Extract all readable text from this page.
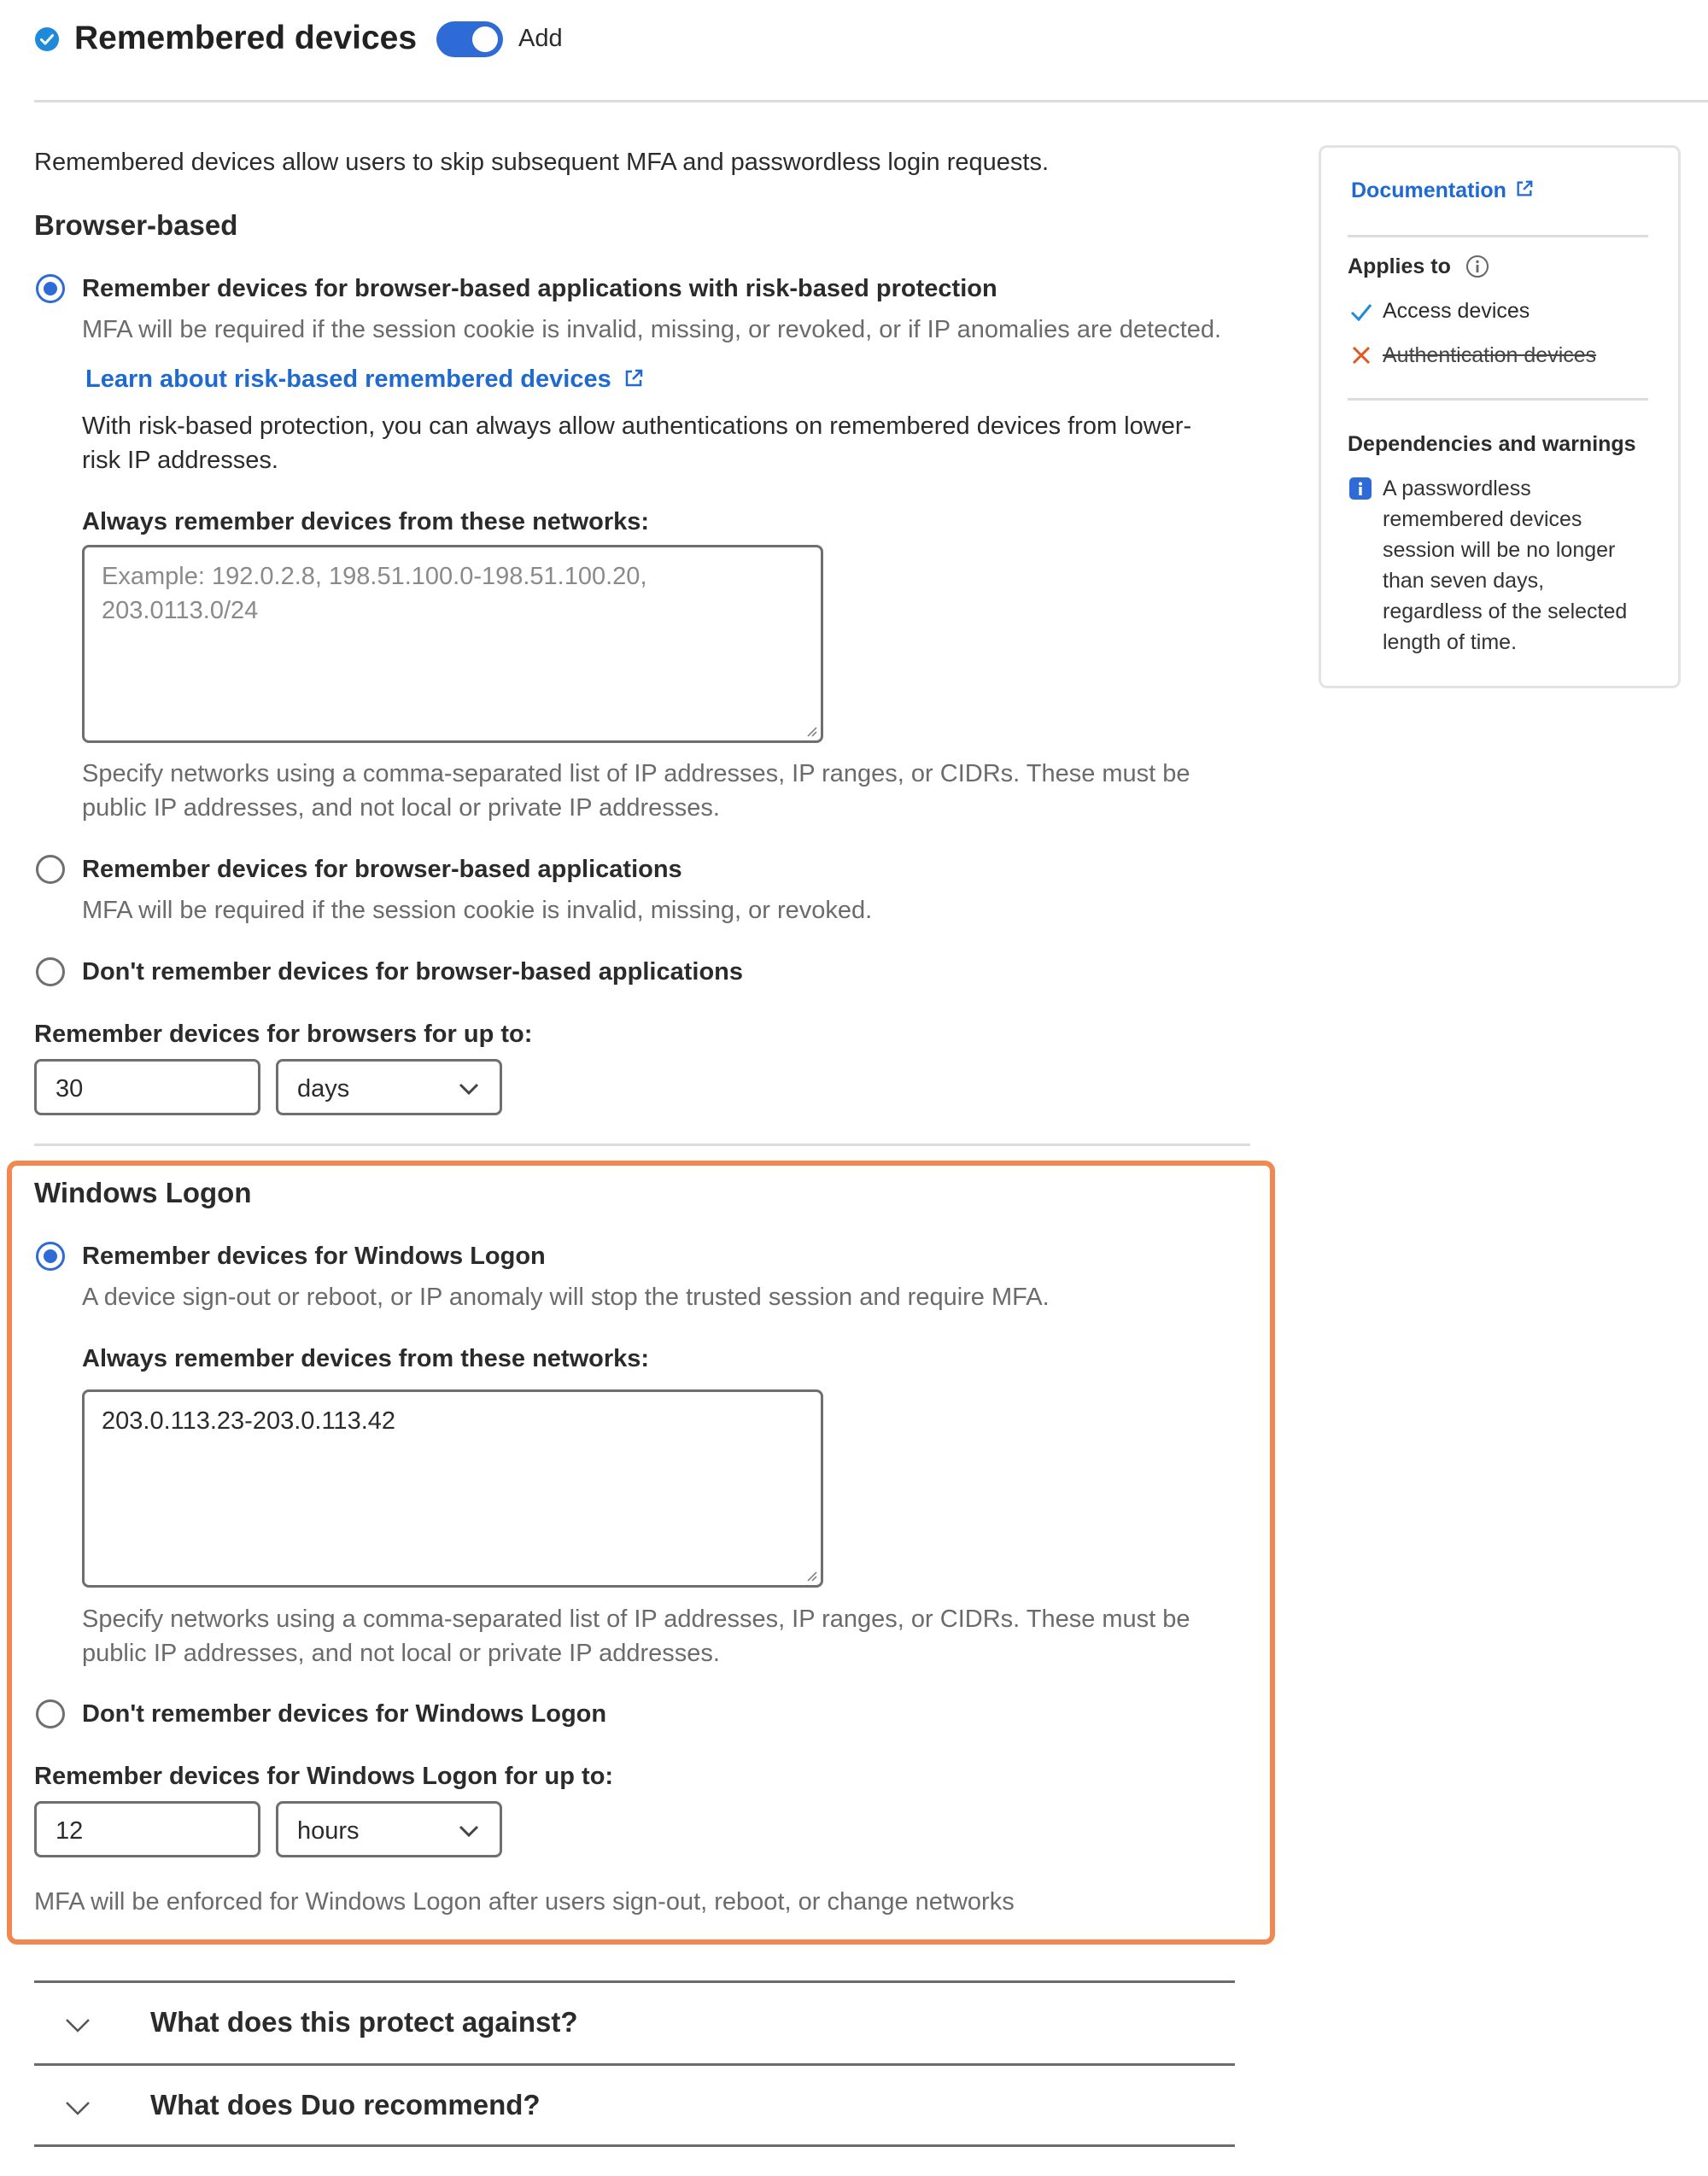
Remembered devices	Add
Remembered devices allow users to skip subsequent MFA and passwordless login requests.
Browser-based
Remember devices for browser-based applications with risk-based protection
MFA will be required if the session cookie is invalid, missing, or revoked, or if IP anomalies are detected.
Learn about risk-based remembered devices
With risk-based protection, you can always allow authentications on remembered devices from lower-
risk IP addresses.
Always remember devices from these networks:
Example: 192.0.2.8, 198.51.100.0-198.51.100.20, 203.0113.0/24
Specify networks using a comma-separated list of IP addresses, IP ranges, or CIDRs. These must be
public IP addresses, and not local or private IP addresses.
Remember devices for browser-based applications
MFA will be required if the session cookie is invalid, missing, or revoked.
Don't remember devices for browser-based applications
Remember devices for browsers for up to:
30	days
Windows Logon
Remember devices for Windows Logon
A device sign-out or reboot, or IP anomaly will stop the trusted session and require MFA.
Always remember devices from these networks:
203.0.113.23-203.0.113.42
Specify networks using a comma-separated list of IP addresses, IP ranges, or CIDRs. These must be
public IP addresses, and not local or private IP addresses.
Don't remember devices for Windows Logon
Remember devices for Windows Logon for up to:
12	hours
MFA will be enforced for Windows Logon after users sign-out, reboot, or change networks
What does this protect against?
What does Duo recommend?
Documentation
Applies to
Access devices
Authentication devices
Dependencies and warnings
A passwordless
remembered devices
session will be no longer
than seven days,
regardless of the selected
length of time.
